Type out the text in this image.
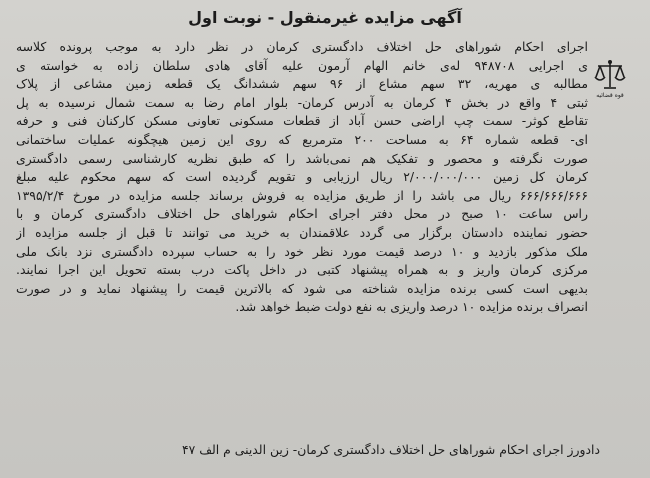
آگهی مزایده غیرمنقول - نوبت اول
قوه قضائیه
اجرای احکام شوراهای حل اختلاف دادگستری کرمان در نظر دارد به موجب پرونده کلاسه
ی اجرایی ۹۴۸۷۰۸ له‌ی خانم الهام آرمون علیه آقای هادی سلطان زاده به خواسته ی
مطالبه ی مهریه، ۳۲ سهم مشاع از ۹۶ سهم ششدانگ یک قطعه زمین مشاعی از پلاک
ثبتی ۴ واقع در بخش ۴ کرمان به آدرس کرمان- بلوار امام رضا به سمت شمال نرسیده به پل
تقاطع کوثر- سمت چپ اراضی حسن آباد از قطعات مسکونی تعاونی مسکن کارکنان فنی و حرفه
ای- قطعه شماره ۶۴ به مساحت ۲۰۰ مترمربع که روی این زمین هیچگونه عملیات ساختمانی
صورت نگرفته و محصور و تفکیک هم نمی‌باشد را که طبق نظریه کارشناسی رسمی دادگستری
کرمان کل زمین ۲/۰۰۰/۰۰۰/۰۰۰ ریال ارزیابی و تقویم گردیده است که سهم محکوم علیه مبلغ
۶۶۶/۶۶۶/۶۶۶ ریال می باشد را از طریق مزایده به فروش برساند جلسه مزایده در مورخ ۱۳۹۵/۲/۴
راس ساعت ۱۰ صبح در محل دفتر اجرای احکام شوراهای حل اختلاف دادگستری کرمان و با
حضور نماینده دادستان برگزار می گردد علاقمندان به خرید می توانند تا قبل از جلسه مزایده از
ملک مذکور بازدید و ۱۰ درصد قیمت مورد نظر خود را به حساب سپرده دادگستری نزد بانک ملی
مرکزی کرمان واریز و به همراه پیشنهاد کتبی در داخل پاکت درب بسته تحویل این اجرا نمایند.
بدیهی است کسی برنده مزایده شناخته می شود که بالاترین قیمت را پیشنهاد نماید و در صورت
انصراف برنده مزایده ۱۰ درصد واریزی به نفع دولت ضبط خواهد شد.
دادورز اجرای احکام شوراهای حل اختلاف دادگستری کرمان- زین الدینی م الف ۴۷
